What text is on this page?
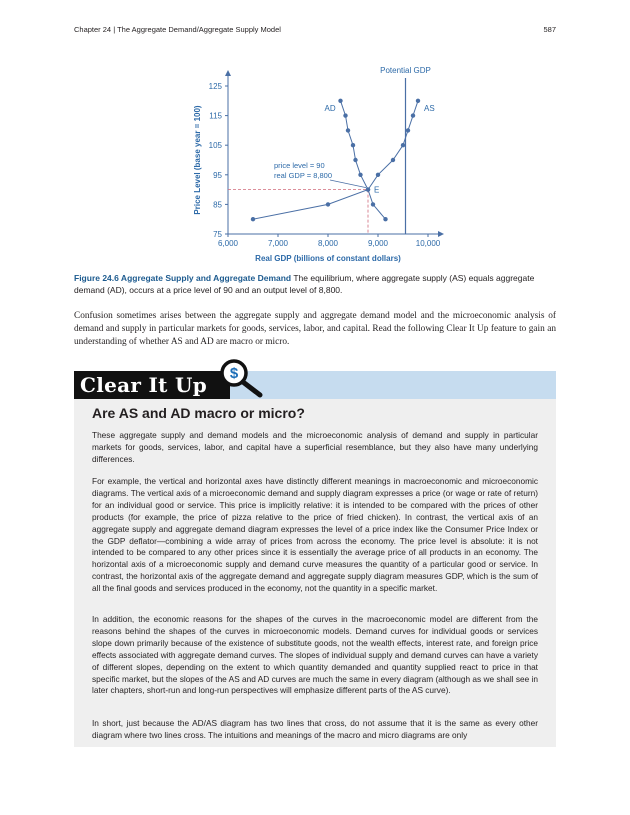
Chapter 24 | The Aggregate Demand/Aggregate Supply Model	587
6,000	7,000	8,000	9,000	10,000
75
85
95
105
115
125
Real GDP (billions of constant dollars)
Price Level (base year = 100)
Potential GDP
AD	AS
E
price level = 90
real GDP = 8,800
Figure 24.6 Aggregate Supply and Aggregate Demand The equilibrium, where aggregate supply (AS) equals aggregate demand (AD), occurs at a price level of 90 and an output level of 8,800.
Confusion sometimes arises between the aggregate supply and aggregate demand model and the microeconomic analysis of demand and supply in particular markets for goods, services, labor, and capital. Read the following Clear It Up feature to gain an understanding of whether AS and AD are macro or micro.
Clear It Up	$
Are AS and AD macro or micro?
These aggregate supply and demand models and the microeconomic analysis of demand and supply in particular markets for goods, services, labor, and capital have a superficial resemblance, but they also have many underlying differences.
For example, the vertical and horizontal axes have distinctly different meanings in macroeconomic and microeconomic diagrams. The vertical axis of a microeconomic demand and supply diagram expresses a price (or wage or rate of return) for an individual good or service. This price is implicitly relative: it is intended to be compared with the prices of other products (for example, the price of pizza relative to the price of fried chicken). In contrast, the vertical axis of an aggregate supply and aggregate demand diagram expresses the level of a price index like the Consumer Price Index or the GDP deflator—combining a wide array of prices from across the economy. The price level is absolute: it is not intended to be compared to any other prices since it is essentially the average price of all products in an economy. The horizontal axis of a microeconomic supply and demand curve measures the quantity of a particular good or service. In contrast, the horizontal axis of the aggregate demand and aggregate supply diagram measures GDP, which is the sum of all the final goods and services produced in the economy, not the quantity in a specific market.
In addition, the economic reasons for the shapes of the curves in the macroeconomic model are different from the reasons behind the shapes of the curves in microeconomic models. Demand curves for individual goods or services slope down primarily because of the existence of substitute goods, not the wealth effects, interest rate, and foreign price effects associated with aggregate demand curves. The slopes of individual supply and demand curves can have a variety of different slopes, depending on the extent to which quantity demanded and quantity supplied react to price in that specific market, but the slopes of the AS and AD curves are much the same in every diagram (although as we shall see in later chapters, short-run and long-run perspectives will emphasize different parts of the AS curve).
In short, just because the AD/AS diagram has two lines that cross, do not assume that it is the same as every other diagram where two lines cross. The intuitions and meanings of the macro and micro diagrams are only
